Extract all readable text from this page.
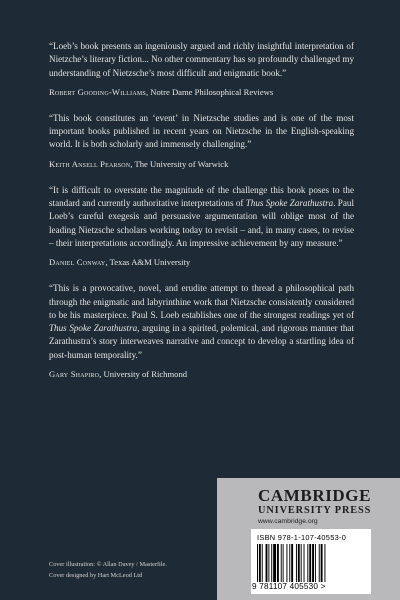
“Loeb’s book presents an ingeniously argued and richly insightful interpretation of Nietzche’s literary fiction... No other commentary has so profoundly challenged my understanding of Nietzsche’s most difficult and enigmatic book.”

Robert Gooding-Williams, Notre Dame Philosophical Reviews

“This book constitutes an ‘event’ in Nietzsche studies and is one of the most important books published in recent years on Nietzsche in the English-speaking world. It is both scholarly and immensely challenging.”

Keith Ansell Pearson, The University of Warwick

“It is difficult to overstate the magnitude of the challenge this book poses to the standard and currently authoritative interpretations of Thus Spoke Zarathustra. Paul Loeb’s careful exegesis and persuasive argumentation will oblige most of the leading Nietzsche scholars working today to revisit – and, in many cases, to revise – their interpretations accordingly. An impressive achievement by any measure.”

Daniel Conway, Texas A&M University

“This is a provocative, novel, and erudite attempt to thread a philosophical path through the enigmatic and labyrinthine work that Nietzsche consistently considered to be his masterpiece. Paul S. Loeb establishes one of the strongest readings yet of Thus Spoke Zarathustra, arguing in a spirited, polemical, and rigorous manner that Zarathustra’s story interweaves narrative and concept to develop a startling idea of post-human temporality.”

Gary Shapiro, University of Richmond

Cover illustration: © Allan Davey / Masterfile.
Cover designed by Hart McLeod Ltd
CAMBRIDGE
UNIVERSITY PRESS
www.cambridge.org
ISBN 978-1-107-40553-0
9 781107 405530 >
